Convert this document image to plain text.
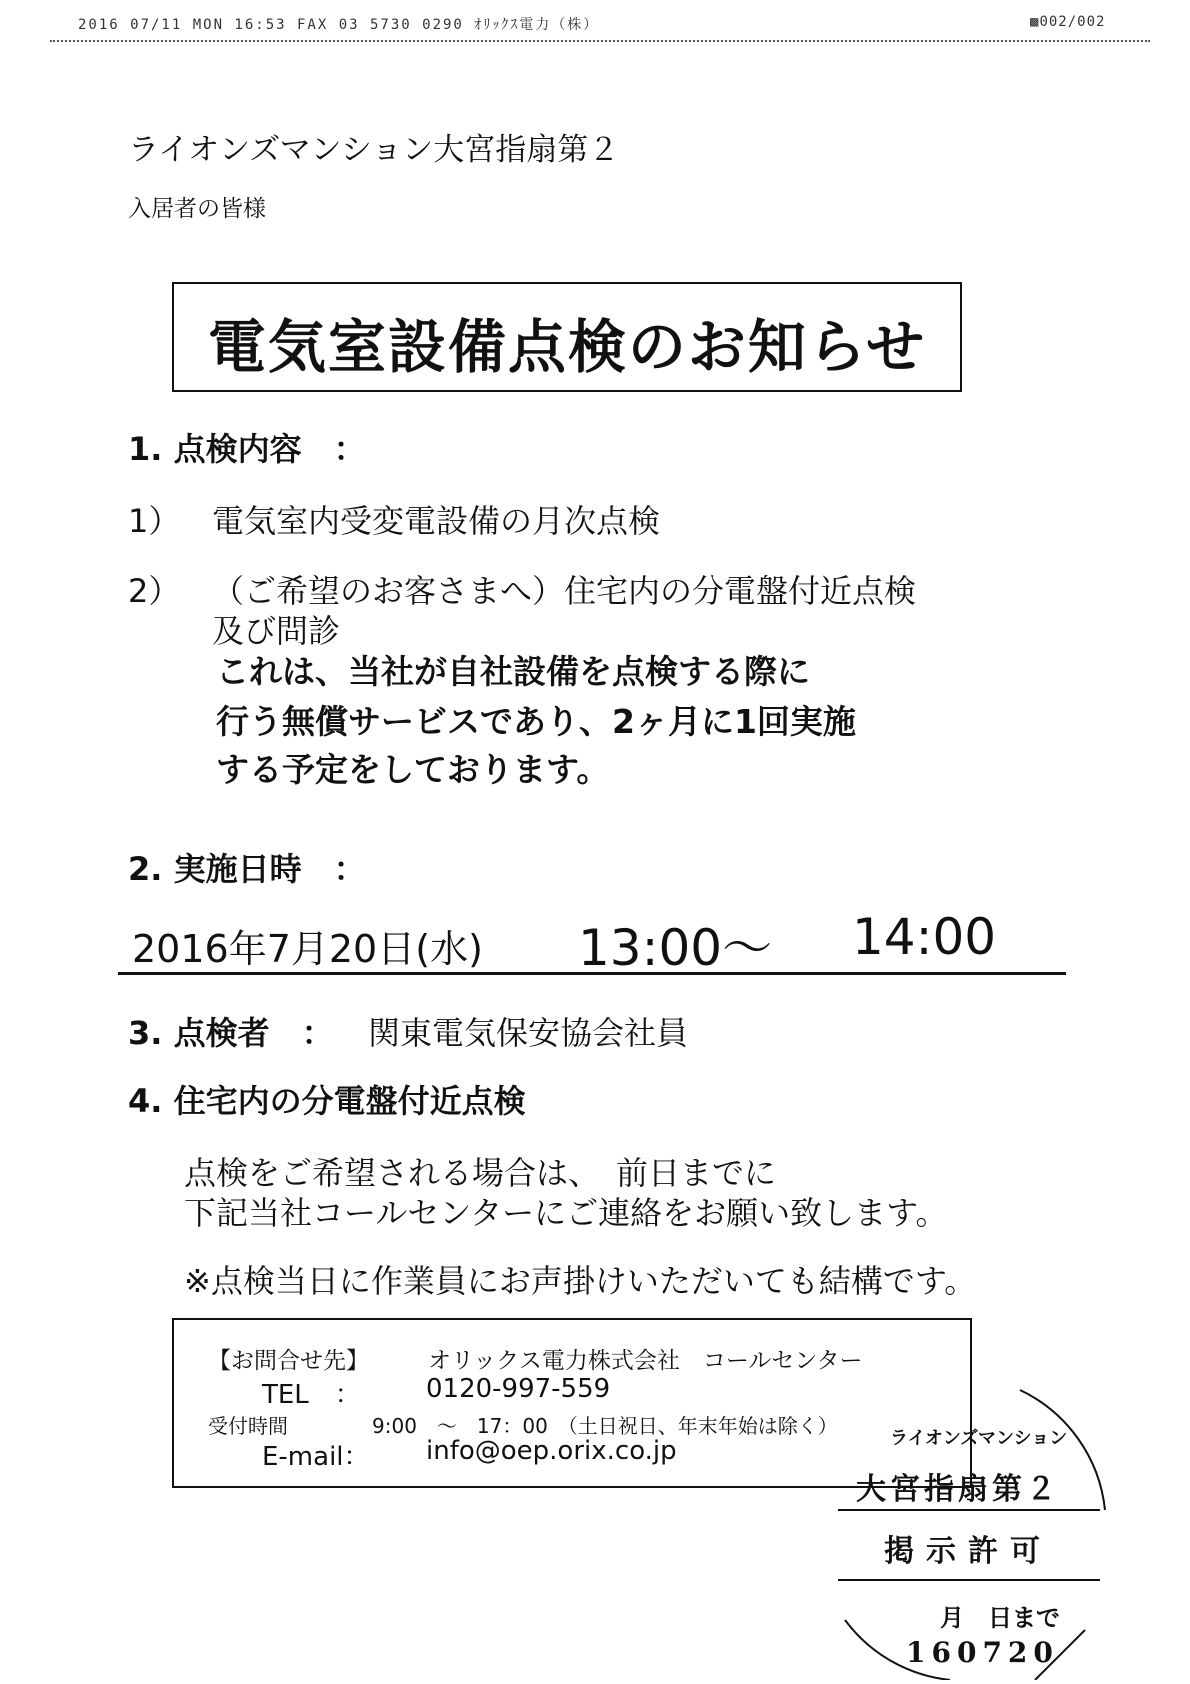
2016 07/11 MON 16:53 FAX 03 5730 0290 ｵﾘｯｸｽ電力（株）	▩002/002
ライオンズマンション大宮指扇第２
入居者の皆様
電気室設備点検のお知らせ
1. 点検内容　：
1） 電気室内受変電設備の月次点検
2） （ご希望のお客さまへ）住宅内の分電盤付近点検
及び問診
これは、当社が自社設備を点検する際に
行う無償サービスであり、2ヶ月に1回実施
する予定をしております。
2. 実施日時　：
2016年7月20日(水) 13:00～ 14:00
3. 点検者　： 関東電気保安協会社員
4. 住宅内の分電盤付近点検
点検をご希望される場合は、　前日までに
下記当社コールセンターにご連絡をお願い致します。
※点検当日に作業員にお声掛けいただいても結構です。
【お問合せ先】	オリックス電力株式会社　コールセンター
TEL　：	0120-997-559
受付時間	9:00　～　17：00　（土日祝日、年末年始は除く）
E-mail： info@oep.orix.co.jp	ライオンズマンション
大宮指扇第２
掲示許可
月　日まで
160720
